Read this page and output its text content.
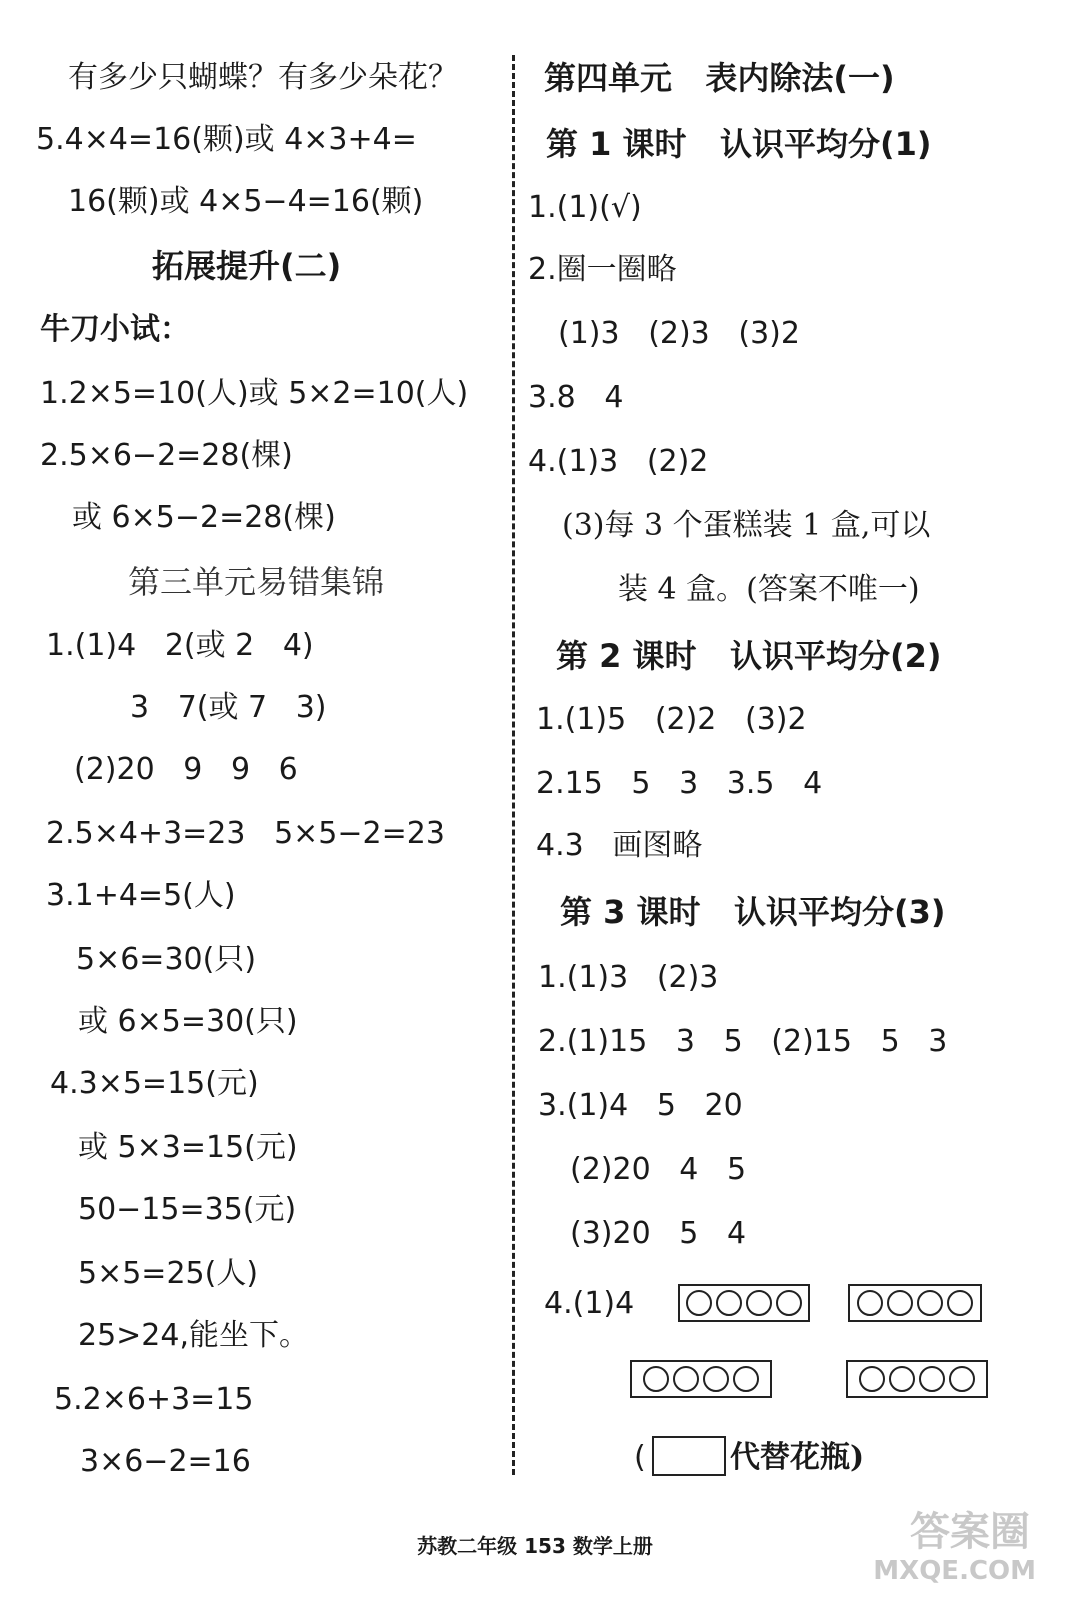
有多少只蝴蝶？有多少朵花？
5.4×4=16(颗)或 4×3+4=
16(颗)或 4×5−4=16(颗)
拓展提升(二)
牛刀小试：
1.2×5=10(人)或 5×2=10(人)
2.5×6−2=28(棵)
或 6×5−2=28(棵)
第三单元易错集锦
1.(1)4   2(或 2   4)
3   7(或 7   3)
(2)20   9   9   6
2.5×4+3=23   5×5−2=23
3.1+4=5(人)
5×6=30(只)
或 6×5=30(只)
4.3×5=15(元)
或 5×3=15(元)
50−15=35(元)
5×5=25(人)
25>24,能坐下。
5.2×6+3=15
3×6−2=16
第四单元   表内除法(一)
第 1 课时   认识平均分(1)
1.(1)(√)
2.圈一圈略
(1)3   (2)3   (3)2
3.8   4
4.(1)3   (2)2
(3)每 3 个蛋糕装 1 盒,可以
装 4 盒。(答案不唯一)
第 2 课时   认识平均分(2)
1.(1)5   (2)2   (3)2
2.15   5   3   3.5   4
4.3   画图略
第 3 课时   认识平均分(3)
1.(1)3   (2)3
2.(1)15   3   5   (2)15   5   3
3.(1)4   5   20
(2)20   4   5
(3)20   5   4
4.(1)4
(	代替花瓶)
苏教二年级 153 数学上册	答案圈
MXQE.COM
